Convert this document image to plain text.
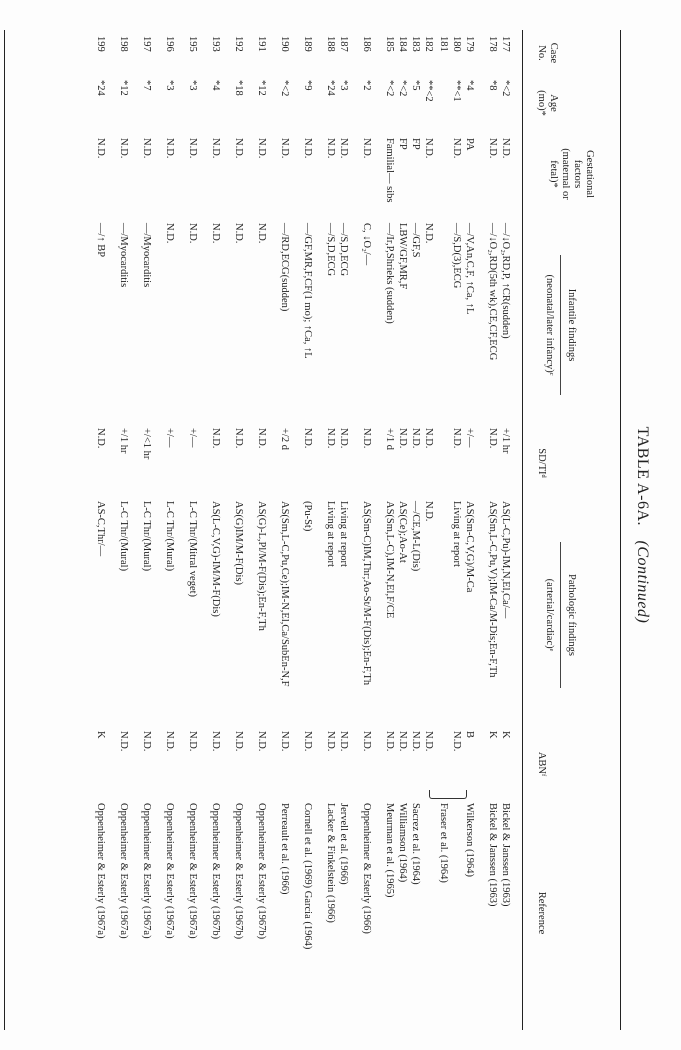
TABLE A-6A. (Continued)
Case
No.
Age
(mo)*
Gestational
factors
(maternal or
fetal)*
Infantile findings
(neonatal/later infancy)ᶜ
SD/TIᵈ
Pathologic findings
(arterial/cardiac)ᵉ
ABNᶠ
Reference
177
*<2
N.D.
—/↓O₂,RD,P, ↑CR(sudden)
+/1 hr
AS(L-C,Pu)-IM,N,El,Ca/—
K
Bickel & Janssen (1963)
178
*8
N.D.
—/↓O₂,RD(5th wk),CE,CF,ECG
N.D.
AS(Sm,L-C,Pu,V);IM-Ca/M-Dis;En-F,Th
K
Bickel & Janssen (1963)
179
*4
PA
—/V,An,C,F, ↑Ca, ↑L
+/—
AS(Sm-C,V,G)/M-Ca
B
Wilkerson (1964)
180
**<1
N.D.
—/S,D(3),ECG
N.D.
Living at report
N.D.
181
Fraser et al. (1964)
182
**<2
N.D.
N.D.
N.D.
N.D.
N.D.
183
*5
FP
—/GF,S
N.D.
—/CE,M-L(Dis)
N.D.
Sacrez et al. (1964)
184
*<2
FP
LBW/GF,MR,F
N.D.
AS(Ce);Ao-At
N.D.
Williamson (1964)
185
*<2
Familial— sibs
—/Ir,P,Shrieks (sudden)
+/1 d
AS(Sm,L-C),IM-N,El,F/CE
N.D.
Meurman et al. (1965)
186
*2
N.D.
C, ↓O₂/—
N.D.
AS(Sm-C)IM,Thr;Ao-St/M-F(Dis);En-F,Th
N.D.
Oppenheimer & Esterly (1966)
187
*3
N.D.
—/S,D,ECG
N.D.
Living at report
N.D.
Jervell et al. (1966)
188
*24
N.D.
—/S,D,ECG
N.D.
Living at report
N.D.
Lacker & Finkelstein (1966)
189
*9
N.D.
—/GF,MR,F,CF(1 mo); ↑Ca, ↑L
N.D.
(Pu-St)
N.D.
Cornell et al. (1969) Garcia (1964)
190
*<2
N.D.
—/RD,ECG(sudden)
+/2 d
AS(Sm,L-C,Pu,Ce);IM-N,El,Ca/SubEn-N,F
N.D.
Perreault et al. (1966)
191
*12
N.D.
N.D.
N.D.
AS(G)-L,Pl/M-F(Dis);En-F,Th
N.D.
Oppenheimer & Esterly (1967b)
192
*18
N.D.
N.D.
N.D.
AS(G)IM/M-F(Dis)
N.D.
Oppenheimer & Esterly (1967b)
193
*4
N.D.
N.D.
N.D.
AS(L-C,V,G)-IM/M-F(Dis)
N.D.
Oppenheimer & Esterly (1967b)
195
*3
N.D.
N.D.
+/—
L-C Thr/(Mitral veget)
N.D.
Oppenheimer & Esterly (1967a)
196
*3
N.D.
N.D.
+/—
L-C Thr/(Mural)
N.D.
Oppenheimer & Esterly (1967a)
197
*7
N.D.
—/Myocarditis
+/<1 hr
L-C Thr/(Mural)
N.D.
Oppenheimer & Esterly (1967a)
198
*12
N.D.
—/Myocarditis
+/1 hr
L-C Thr/(Mural)
N.D.
Oppenheimer & Esterly (1967a)
199
*24
N.D.
—/↑ BP
N.D.
AS-C,Thr/—
K
Oppenheimer & Esterly (1967a)
